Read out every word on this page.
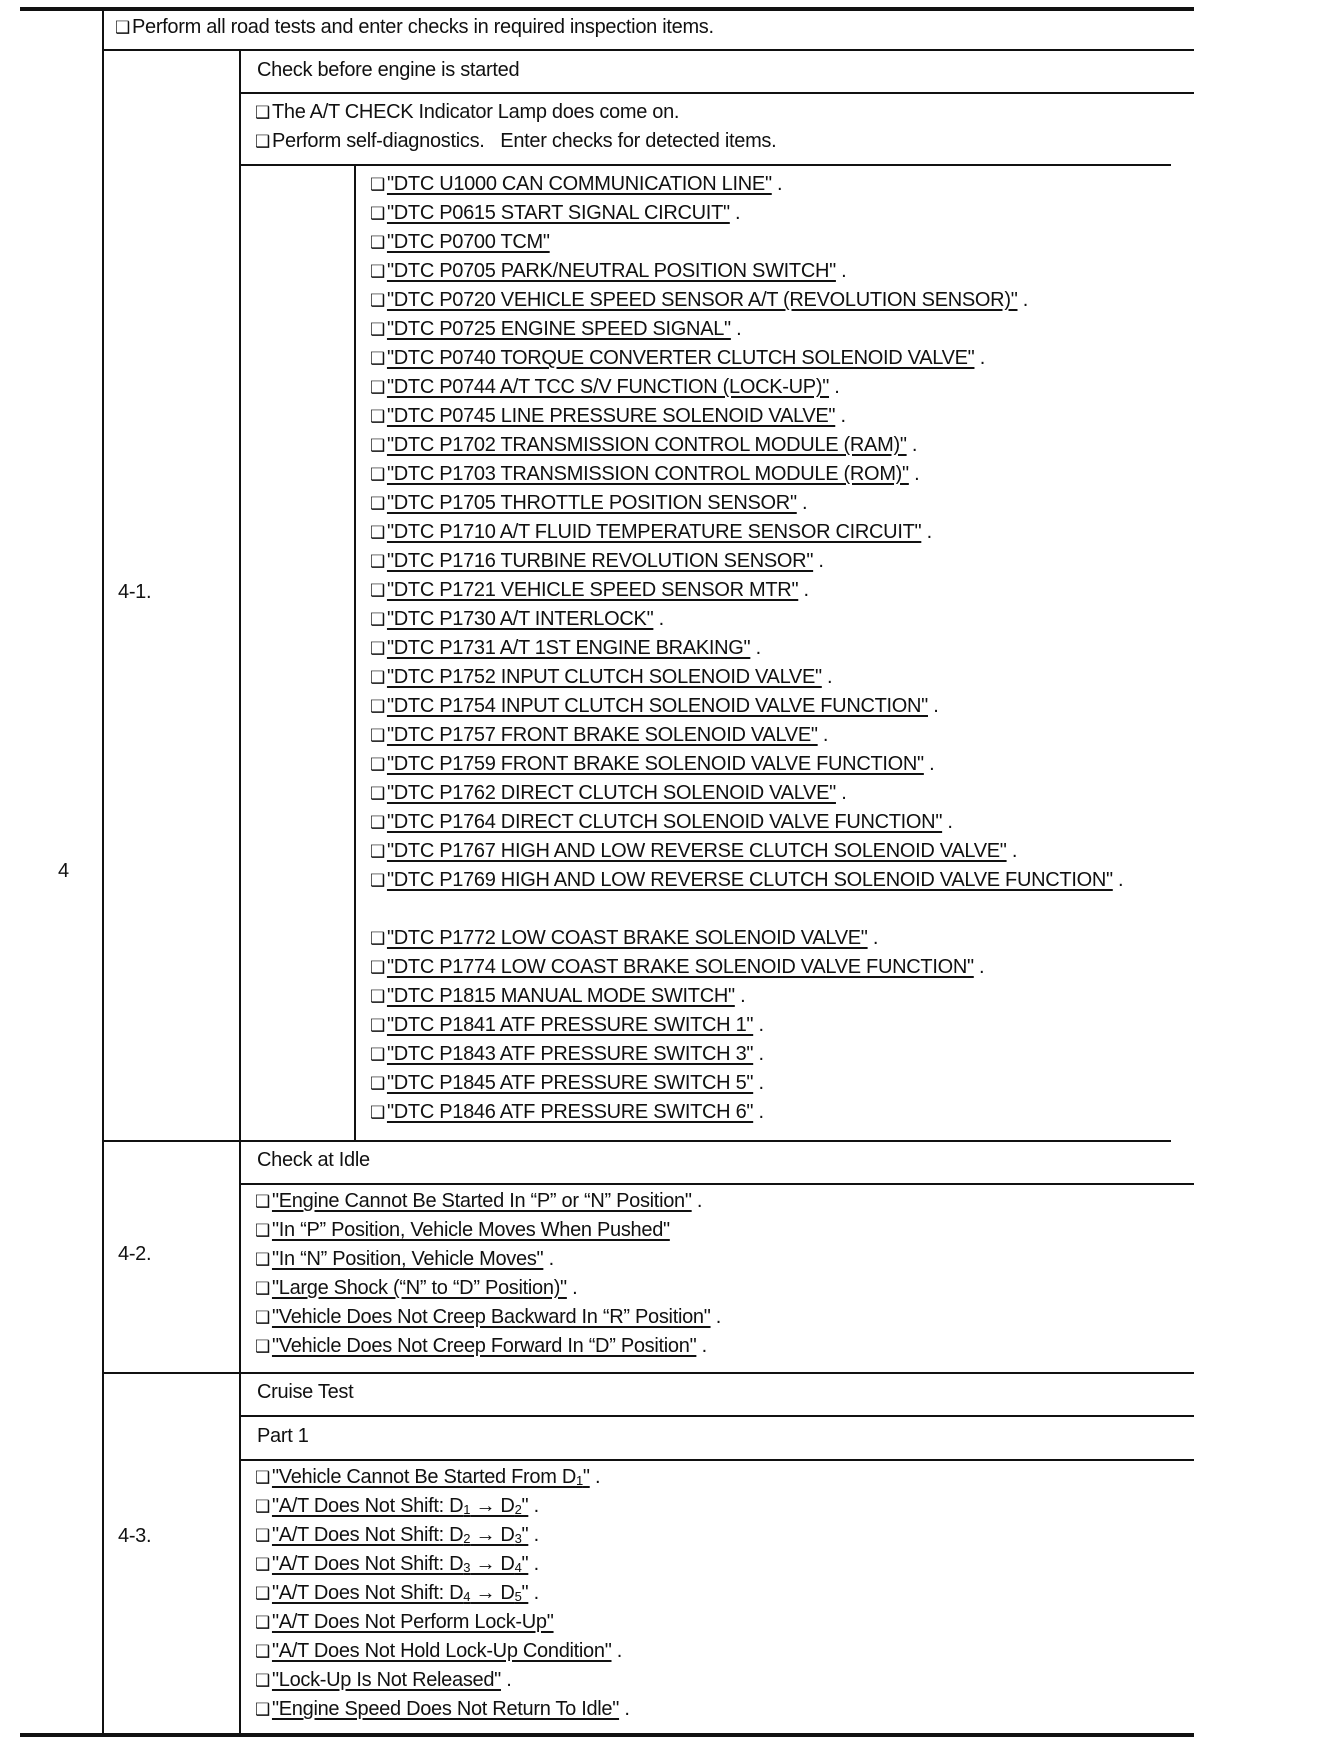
4
4-1.
4-2.
4-3.
❑ Perform all road tests and enter checks in required inspection items.
Check before engine is started
❑ The A/T CHECK Indicator Lamp does come on.
❑ Perform self-diagnostics.   Enter checks for detected items.
❑ "DTC U1000 CAN COMMUNICATION LINE" .
❑ "DTC P0615 START SIGNAL CIRCUIT" .
❑ "DTC P0700 TCM"
❑ "DTC P0705 PARK/NEUTRAL POSITION SWITCH" .
❑ "DTC P0720 VEHICLE SPEED SENSOR A/T (REVOLUTION SENSOR)" .
❑ "DTC P0725 ENGINE SPEED SIGNAL" .
❑ "DTC P0740 TORQUE CONVERTER CLUTCH SOLENOID VALVE" .
❑ "DTC P0744 A/T TCC S/V FUNCTION (LOCK-UP)" .
❑ "DTC P0745 LINE PRESSURE SOLENOID VALVE" .
❑ "DTC P1702 TRANSMISSION CONTROL MODULE (RAM)" .
❑ "DTC P1703 TRANSMISSION CONTROL MODULE (ROM)" .
❑ "DTC P1705 THROTTLE POSITION SENSOR" .
❑ "DTC P1710 A/T FLUID TEMPERATURE SENSOR CIRCUIT" .
❑ "DTC P1716 TURBINE REVOLUTION SENSOR" .
❑ "DTC P1721 VEHICLE SPEED SENSOR MTR" .
❑ "DTC P1730 A/T INTERLOCK" .
❑ "DTC P1731 A/T 1ST ENGINE BRAKING" .
❑ "DTC P1752 INPUT CLUTCH SOLENOID VALVE" .
❑ "DTC P1754 INPUT CLUTCH SOLENOID VALVE FUNCTION" .
❑ "DTC P1757 FRONT BRAKE SOLENOID VALVE" .
❑ "DTC P1759 FRONT BRAKE SOLENOID VALVE FUNCTION" .
❑ "DTC P1762 DIRECT CLUTCH SOLENOID VALVE" .
❑ "DTC P1764 DIRECT CLUTCH SOLENOID VALVE FUNCTION" .
❑ "DTC P1767 HIGH AND LOW REVERSE CLUTCH SOLENOID VALVE" .
❑ "DTC P1769 HIGH AND LOW REVERSE CLUTCH SOLENOID VALVE FUNCTION" .
❑ "DTC P1772 LOW COAST BRAKE SOLENOID VALVE" .
❑ "DTC P1774 LOW COAST BRAKE SOLENOID VALVE FUNCTION" .
❑ "DTC P1815 MANUAL MODE SWITCH" .
❑ "DTC P1841 ATF PRESSURE SWITCH 1" .
❑ "DTC P1843 ATF PRESSURE SWITCH 3" .
❑ "DTC P1845 ATF PRESSURE SWITCH 5" .
❑ "DTC P1846 ATF PRESSURE SWITCH 6" .
Check at Idle
❑ "Engine Cannot Be Started In “P” or “N” Position" .
❑ "In “P” Position, Vehicle Moves When Pushed"
❑ "In “N” Position, Vehicle Moves" .
❑ "Large Shock (“N” to “D” Position)" .
❑ "Vehicle Does Not Creep Backward In “R” Position" .
❑ "Vehicle Does Not Creep Forward In “D” Position" .
Cruise Test
Part 1
❑ "Vehicle Cannot Be Started From $D_1$" .
❑ "A/T Does Not Shift: $D_1 \to D_2$" .
❑ "A/T Does Not Shift: $D_2 \to D_3$" .
❑ "A/T Does Not Shift: $D_3 \to D_4$" .
❑ "A/T Does Not Shift: $D_4 \to D_5$" .
❑ "A/T Does Not Perform Lock-Up"
❑ "A/T Does Not Hold Lock-Up Condition" .
❑ "Lock-Up Is Not Released" .
❑ "Engine Speed Does Not Return To Idle" .
